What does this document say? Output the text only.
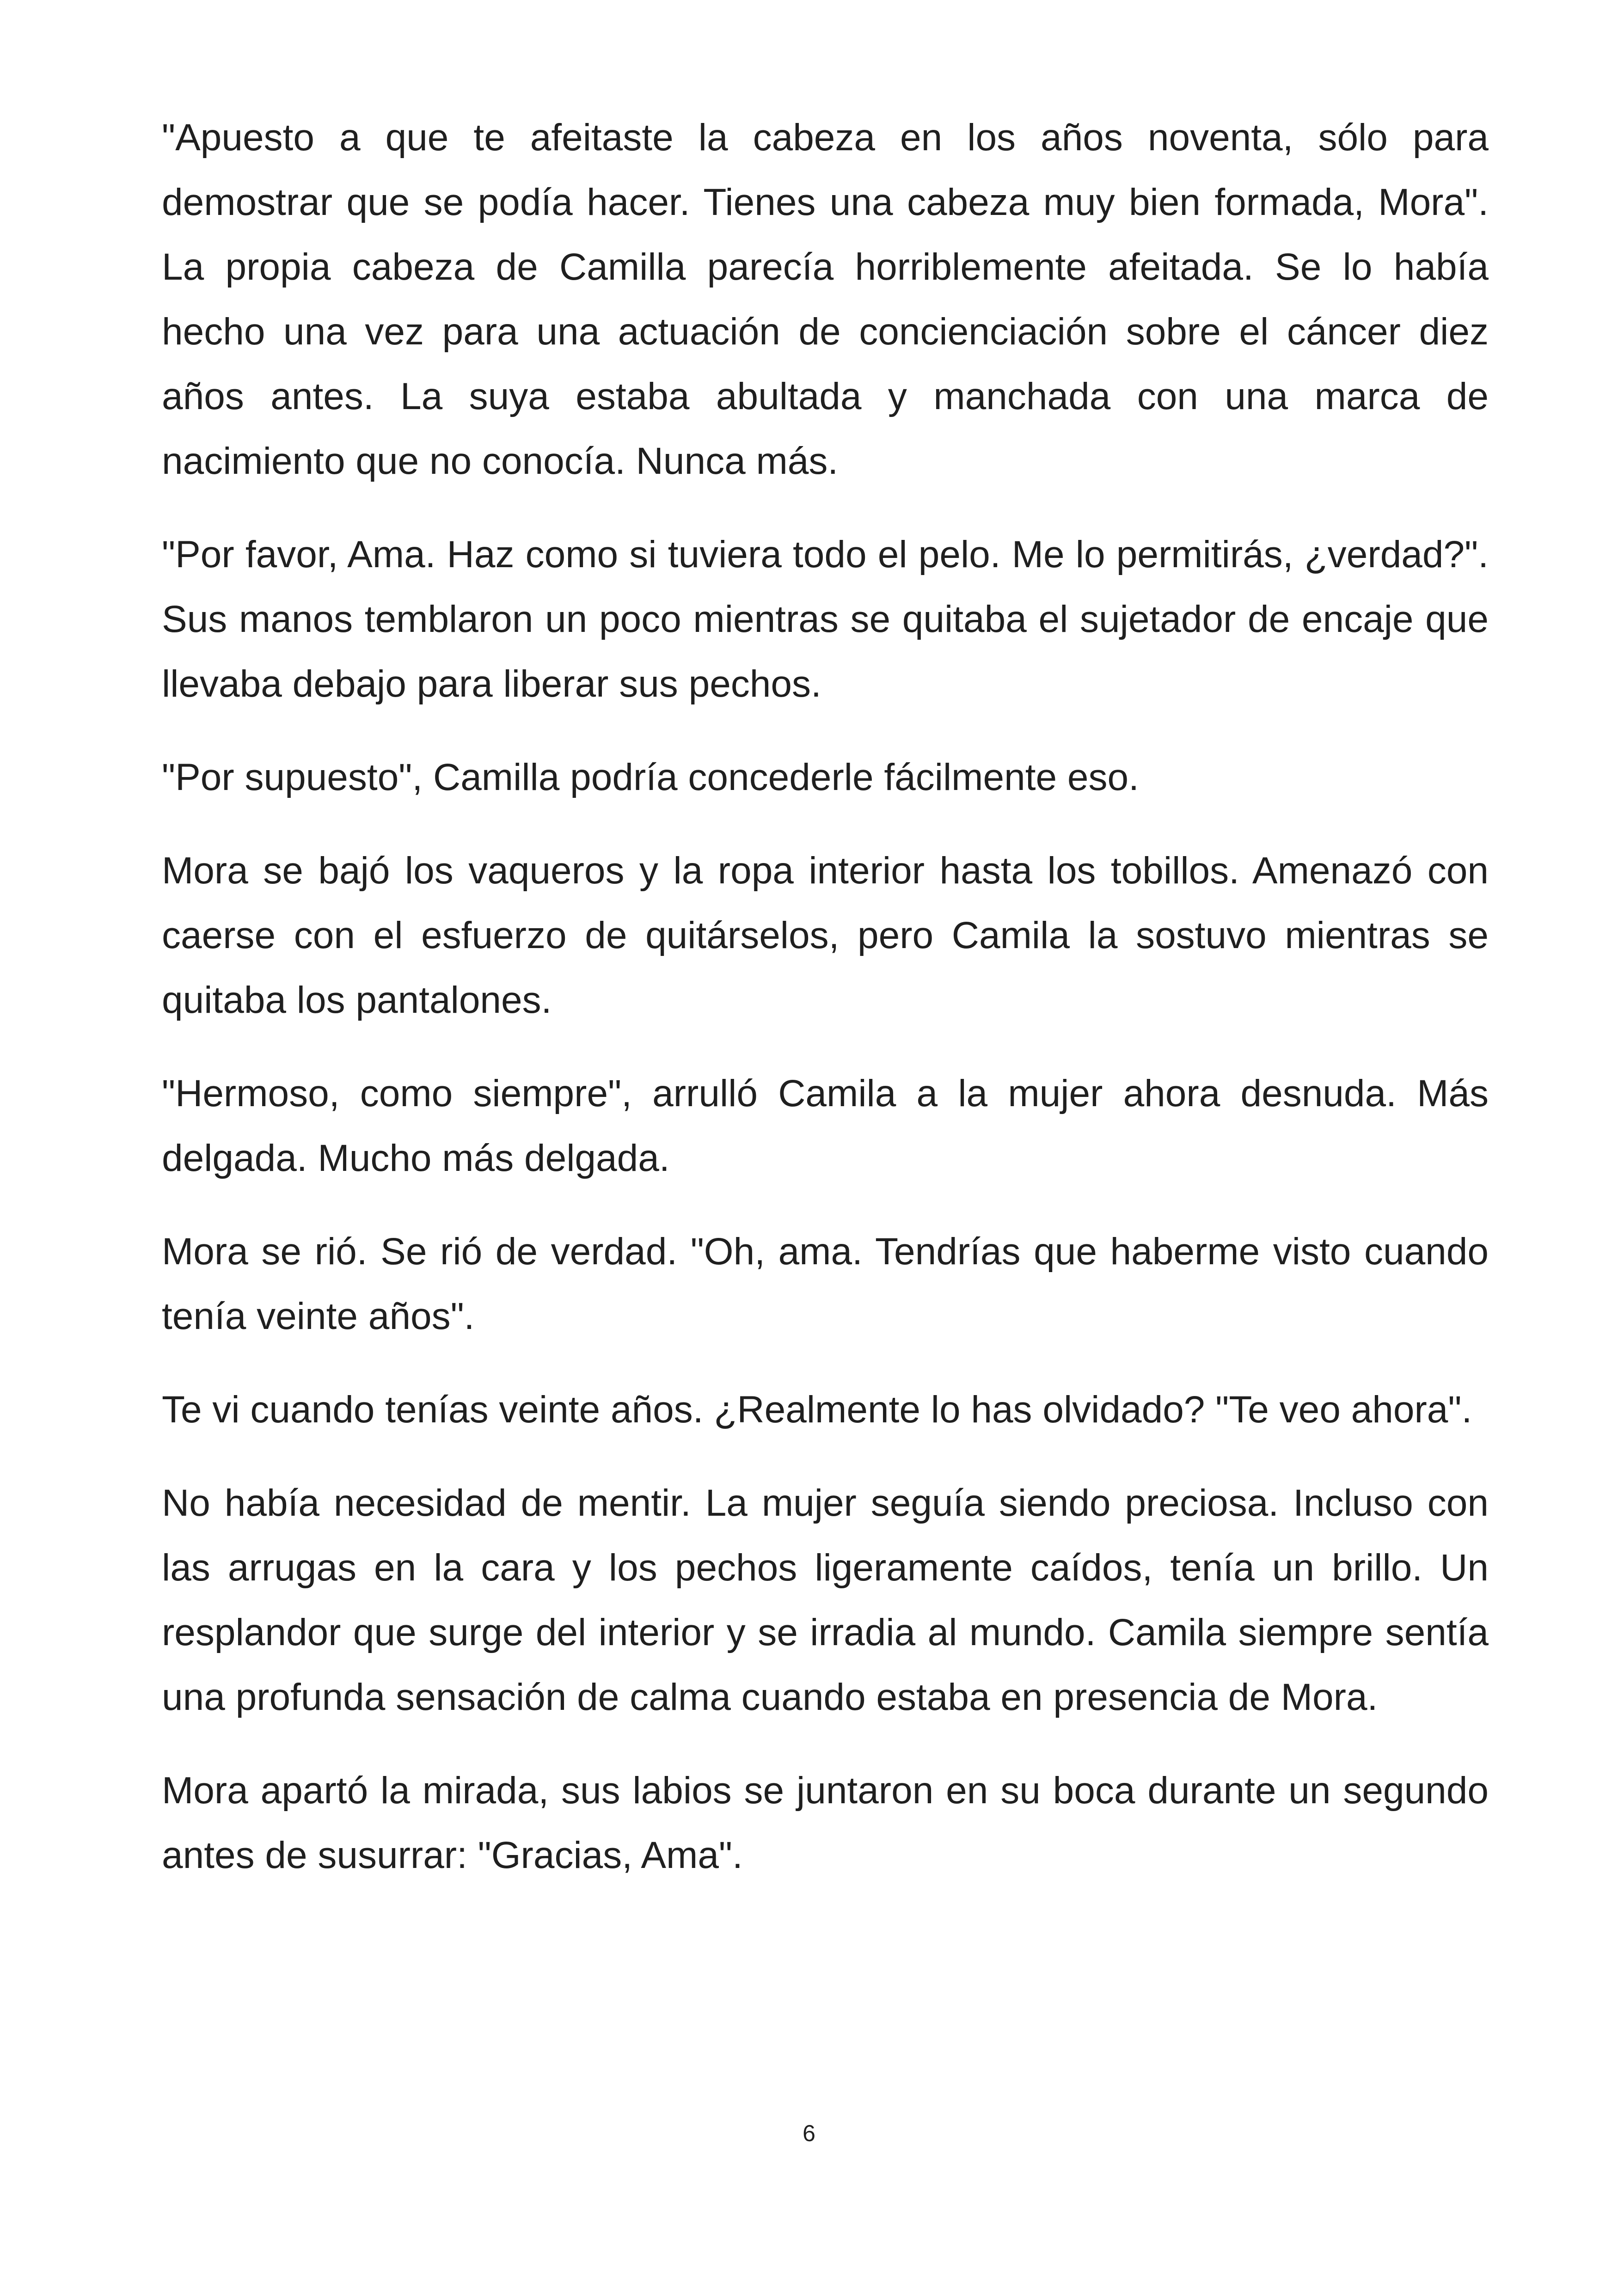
"Apuesto a que te afeitaste la cabeza en los años noventa, sólo para demostrar que se podía hacer. Tienes una cabeza muy bien formada, Mora". La propia cabeza de Camilla parecía horriblemente afeitada. Se lo había hecho una vez para una actuación de concienciación sobre el cáncer diez años antes. La suya estaba abultada y manchada con una marca de nacimiento que no conocía. Nunca más.

"Por favor, Ama. Haz como si tuviera todo el pelo. Me lo permitirás, ¿verdad?". Sus manos temblaron un poco mientras se quitaba el sujetador de encaje que llevaba debajo para liberar sus pechos.

"Por supuesto", Camilla podría concederle fácilmente eso.

Mora se bajó los vaqueros y la ropa interior hasta los tobillos. Amenazó con caerse con el esfuerzo de quitárselos, pero Camila la sostuvo mientras se quitaba los pantalones.

"Hermoso, como siempre", arrulló Camila a la mujer ahora desnuda. Más delgada. Mucho más delgada.

Mora se rió. Se rió de verdad. "Oh, ama. Tendrías que haberme visto cuando tenía veinte años".

Te vi cuando tenías veinte años. ¿Realmente lo has olvidado? "Te veo ahora".

No había necesidad de mentir. La mujer seguía siendo preciosa. Incluso con las arrugas en la cara y los pechos ligeramente caídos, tenía un brillo. Un resplandor que surge del interior y se irradia al mundo. Camila siempre sentía una profunda sensación de calma cuando estaba en presencia de Mora.

Mora apartó la mirada, sus labios se juntaron en su boca durante un segundo antes de susurrar: "Gracias, Ama".

6
